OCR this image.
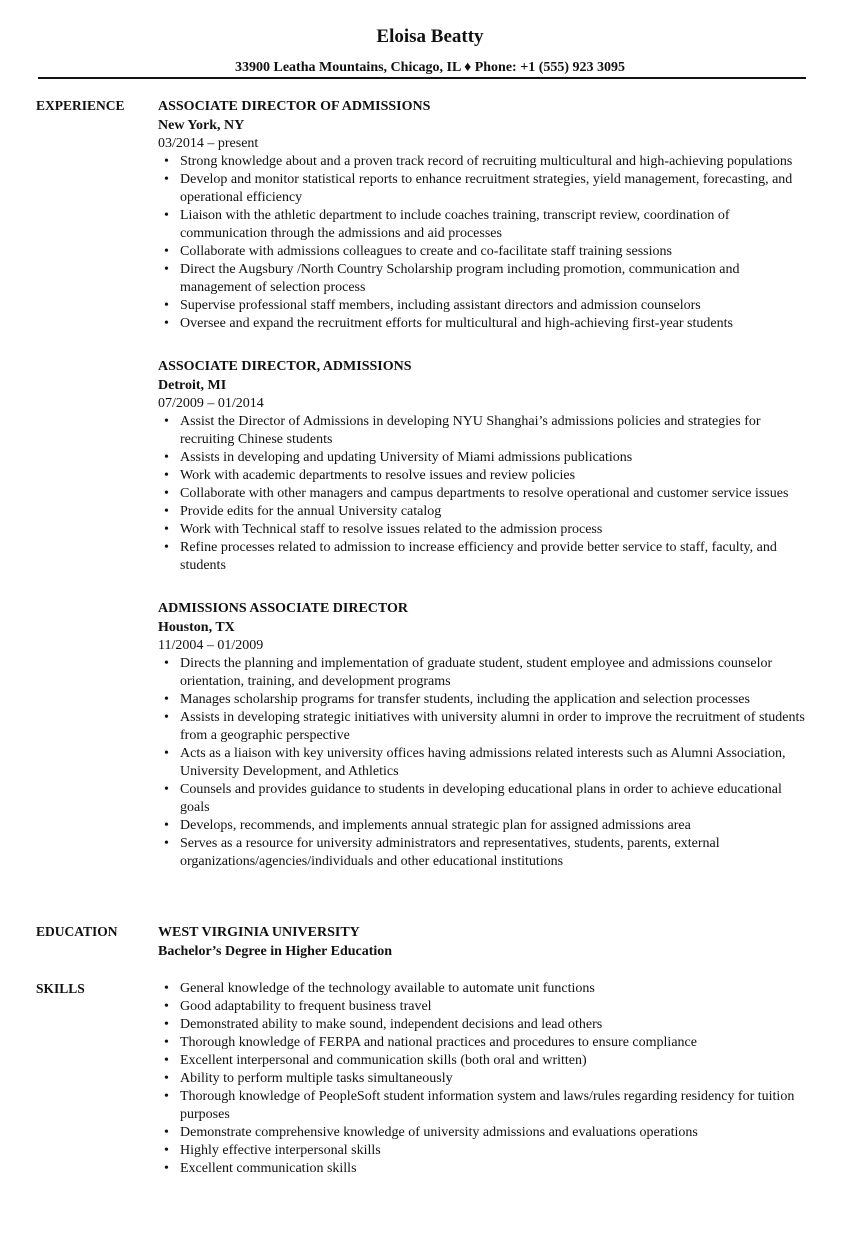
Eloisa Beatty
33900 Leatha Mountains, Chicago, IL ♦ Phone: +1 (555) 923 3095
EXPERIENCE ASSOCIATE DIRECTOR OF ADMISSIONS
New York, NY
03/2014 – present
• Strong knowledge about and a proven track record of recruiting multicultural and high-achieving populations
• Develop and monitor statistical reports to enhance recruitment strategies, yield management, forecasting, and operational efficiency
• Liaison with the athletic department to include coaches training, transcript review, coordination of communication through the admissions and aid processes
• Collaborate with admissions colleagues to create and co-facilitate staff training sessions
• Direct the Augsbury /North Country Scholarship program including promotion, communication and management of selection process
• Supervise professional staff members, including assistant directors and admission counselors
• Oversee and expand the recruitment efforts for multicultural and high-achieving first-year students
ASSOCIATE DIRECTOR, ADMISSIONS
Detroit, MI
07/2009 – 01/2014
• Assist the Director of Admissions in developing NYU Shanghai’s admissions policies and strategies for recruiting Chinese students
• Assists in developing and updating University of Miami admissions publications
• Work with academic departments to resolve issues and review policies
• Collaborate with other managers and campus departments to resolve operational and customer service issues
• Provide edits for the annual University catalog
• Work with Technical staff to resolve issues related to the admission process
• Refine processes related to admission to increase efficiency and provide better service to staff, faculty, and students
ADMISSIONS ASSOCIATE DIRECTOR
Houston, TX
11/2004 – 01/2009
• Directs the planning and implementation of graduate student, student employee and admissions counselor orientation, training, and development programs
• Manages scholarship programs for transfer students, including the application and selection processes
• Assists in developing strategic initiatives with university alumni in order to improve the recruitment of students from a geographic perspective
• Acts as a liaison with key university offices having admissions related interests such as Alumni Association, University Development, and Athletics
• Counsels and provides guidance to students in developing educational plans in order to achieve educational goals
• Develops, recommends, and implements annual strategic plan for assigned admissions area
• Serves as a resource for university administrators and representatives, students, parents, external organizations/agencies/individuals and other educational institutions
EDUCATION	WEST VIRGINIA UNIVERSITY
Bachelor’s Degree in Higher Education
SKILLS	• General knowledge of the technology available to automate unit functions
• Good adaptability to frequent business travel
• Demonstrated ability to make sound, independent decisions and lead others
• Thorough knowledge of FERPA and national practices and procedures to ensure compliance
• Excellent interpersonal and communication skills (both oral and written)
• Ability to perform multiple tasks simultaneously
• Thorough knowledge of PeopleSoft student information system and laws/rules regarding residency for tuition purposes
• Demonstrate comprehensive knowledge of university admissions and evaluations operations
• Highly effective interpersonal skills
• Excellent communication skills
